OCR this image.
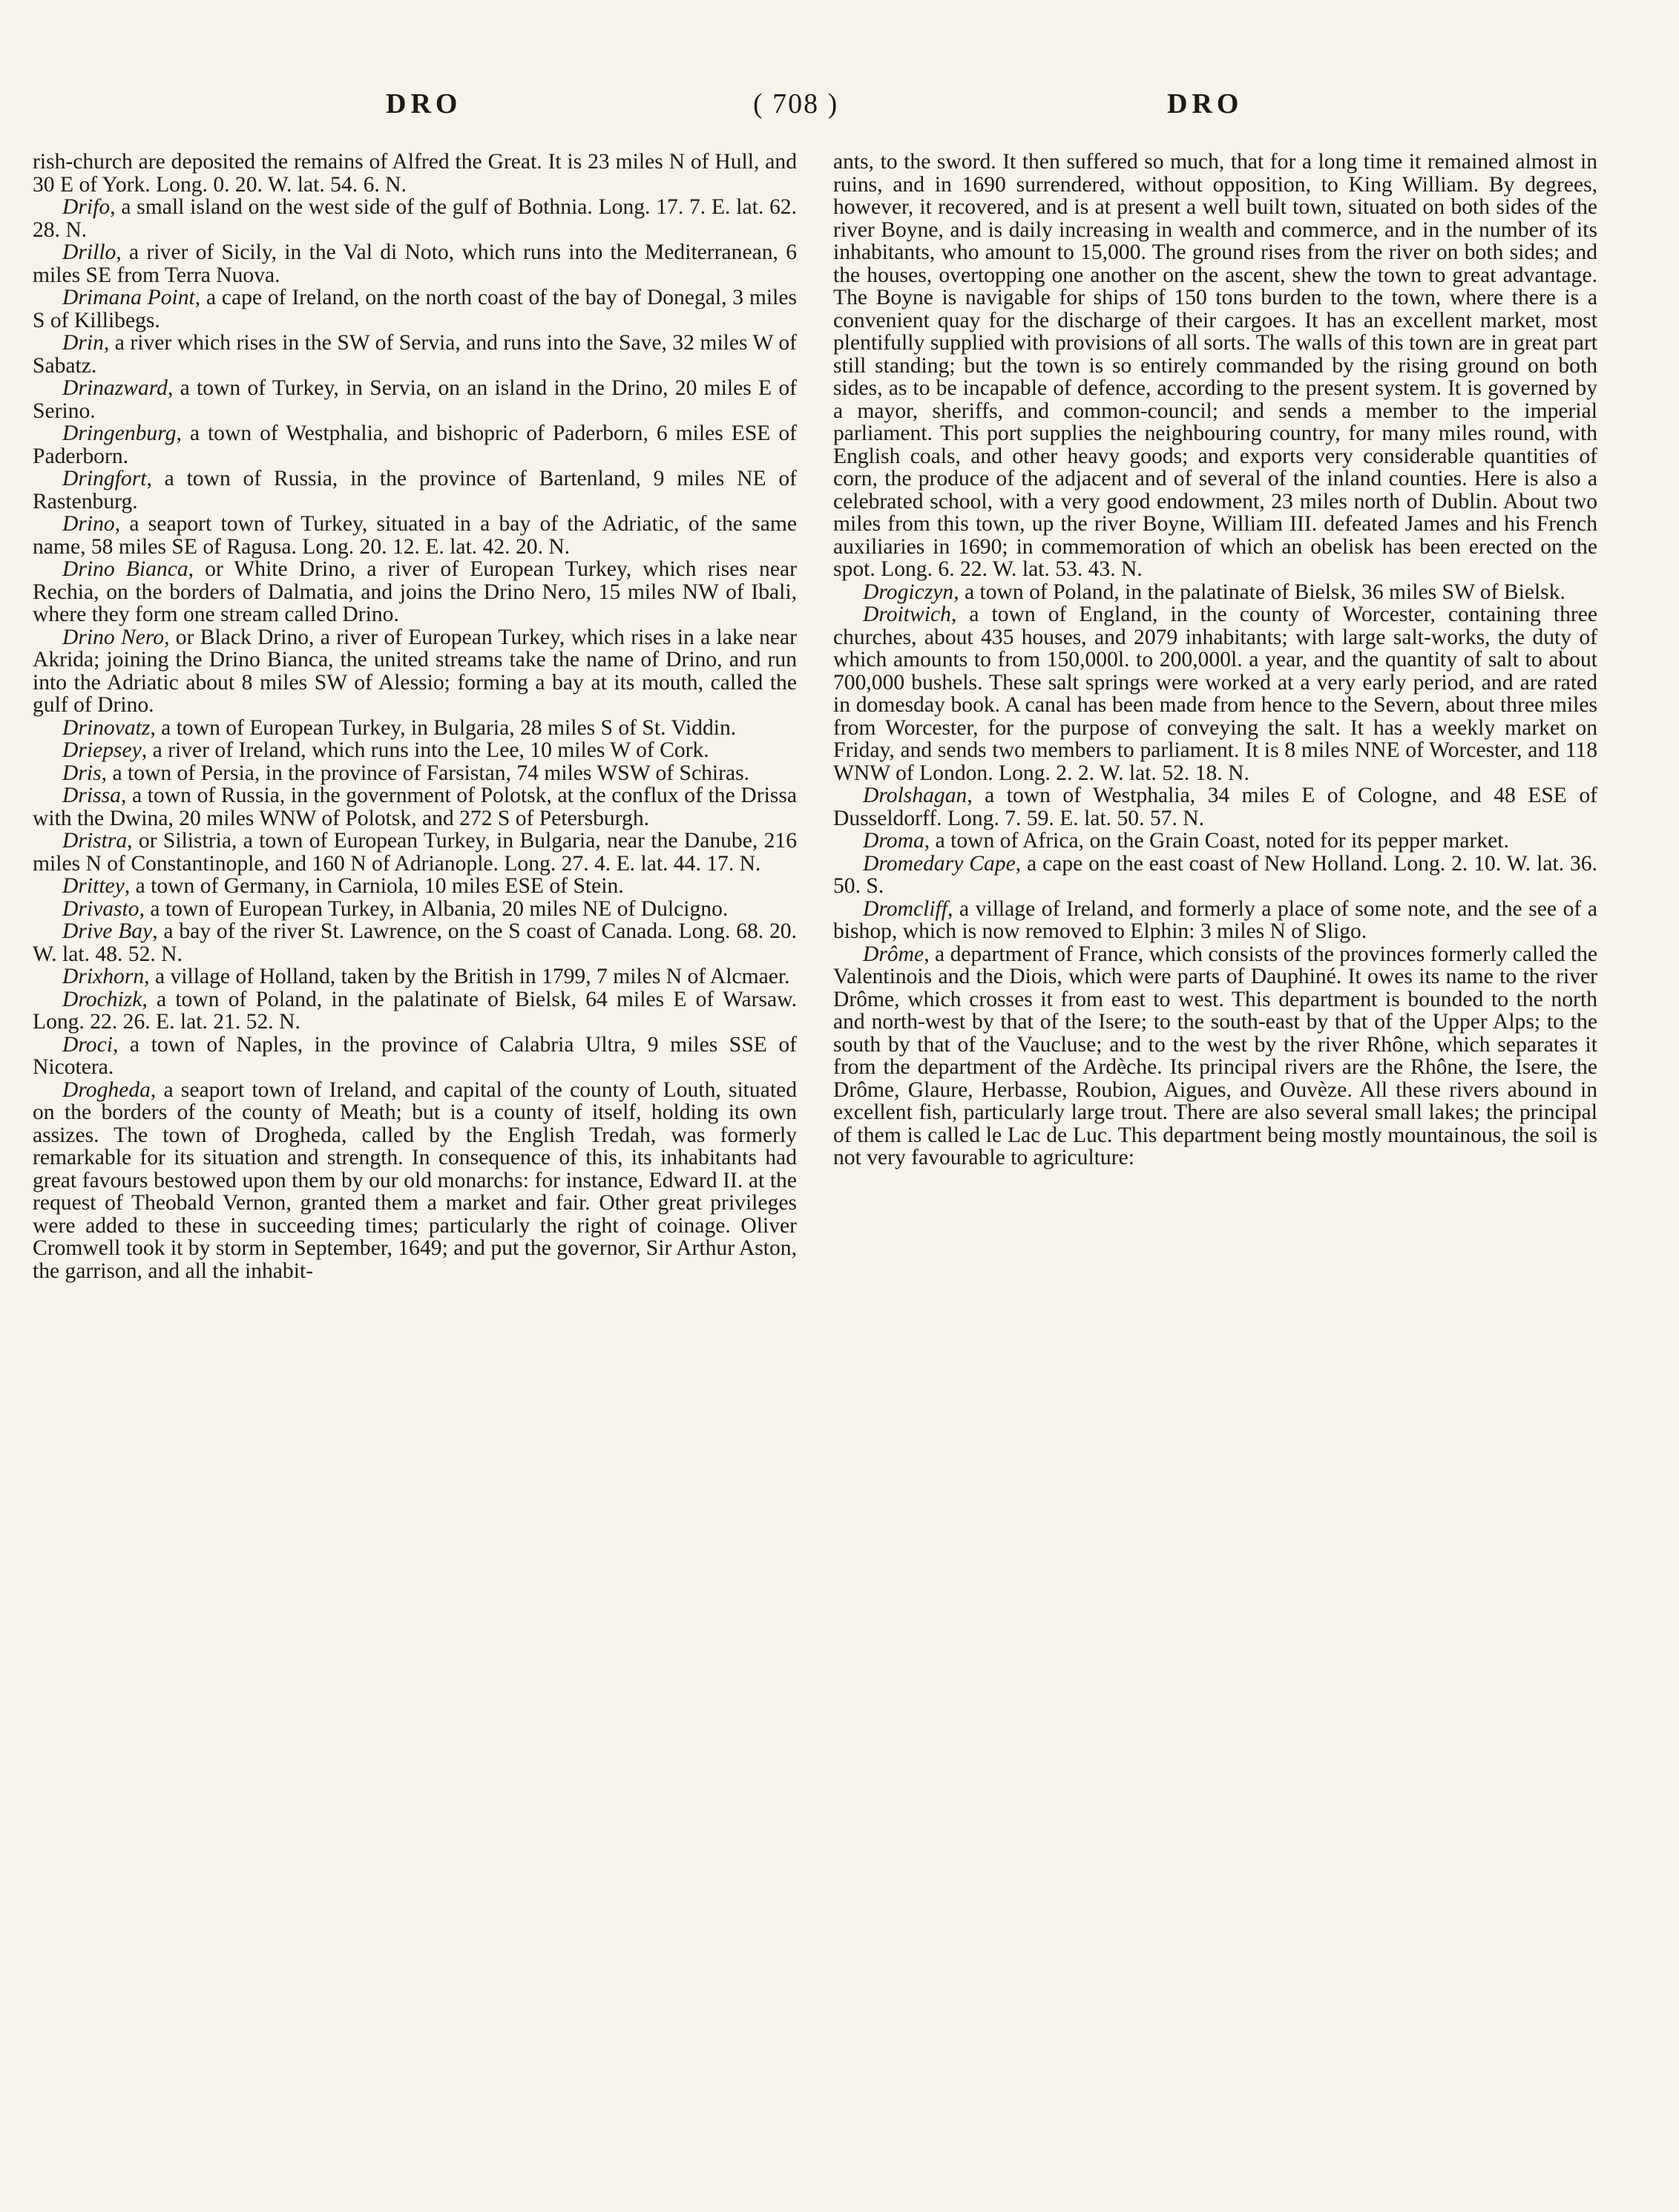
DRO	( 708 )	DRO

rish-church are deposited the remains of Alfred the Great. It is 23 miles N of Hull, and 30 E of York. Long. 0. 20. W. lat. 54. 6. N.

Drifo, a small island on the west side of the gulf of Bothnia. Long. 17. 7. E. lat. 62. 28. N.

Drillo, a river of Sicily, in the Val di Noto, which runs into the Mediterranean, 6 miles SE from Terra Nuova.

Drimana Point, a cape of Ireland, on the north coast of the bay of Donegal, 3 miles S of Killibegs.

Drin, a river which rises in the SW of Servia, and runs into the Save, 32 miles W of Sabatz.

Drinazward, a town of Turkey, in Servia, on an island in the Drino, 20 miles E of Serino.

Dringenburg, a town of Westphalia, and bishopric of Paderborn, 6 miles ESE of Paderborn.

Dringfort, a town of Russia, in the province of Bartenland, 9 miles NE of Rastenburg.

Drino, a seaport town of Turkey, situated in a bay of the Adriatic, of the same name, 58 miles SE of Ragusa. Long. 20. 12. E. lat. 42. 20. N.

Drino Bianca, or White Drino, a river of European Turkey, which rises near Rechia, on the borders of Dalmatia, and joins the Drino Nero, 15 miles NW of Ibali, where they form one stream called Drino.

Drino Nero, or Black Drino, a river of European Turkey, which rises in a lake near Akrida; joining the Drino Bianca, the united streams take the name of Drino, and run into the Adriatic about 8 miles SW of Alessio; forming a bay at its mouth, called the gulf of Drino.

Drinovatz, a town of European Turkey, in Bulgaria, 28 miles S of St. Viddin.

Driepsey, a river of Ireland, which runs into the Lee, 10 miles W of Cork.

Dris, a town of Persia, in the province of Farsistan, 74 miles WSW of Schiras.

Drissa, a town of Russia, in the government of Polotsk, at the conflux of the Drissa with the Dwina, 20 miles WNW of Polotsk, and 272 S of Petersburgh.

Dristra, or Silistria, a town of European Turkey, in Bulgaria, near the Danube, 216 miles N of Constantinople, and 160 N of Adrianople. Long. 27. 4. E. lat. 44. 17. N.

Drittey, a town of Germany, in Carniola, 10 miles ESE of Stein.

Drivasto, a town of European Turkey, in Albania, 20 miles NE of Dulcigno.

Drive Bay, a bay of the river St. Lawrence, on the S coast of Canada. Long. 68. 20. W. lat. 48. 52. N.

Drixhorn, a village of Holland, taken by the British in 1799, 7 miles N of Alcmaer.

Drochizk, a town of Poland, in the palatinate of Bielsk, 64 miles E of Warsaw. Long. 22. 26. E. lat. 21. 52. N.

Droci, a town of Naples, in the province of Calabria Ultra, 9 miles SSE of Nicotera.

Drogheda, a seaport town of Ireland, and capital of the county of Louth, situated on the borders of the county of Meath; but is a county of itself, holding its own assizes. The town of Drogheda, called by the English Tredah, was formerly remarkable for its situation and strength. In consequence of this, its inhabitants had great favours bestowed upon them by our old monarchs: for instance, Edward II. at the request of Theobald Vernon, granted them a market and fair. Other great privileges were added to these in succeeding times; particularly the right of coinage. Oliver Cromwell took it by storm in September, 1649; and put the governor, Sir Arthur Aston, the garrison, and all the inhabit-

ants, to the sword. It then suffered so much, that for a long time it remained almost in ruins, and in 1690 surrendered, without opposition, to King William. By degrees, however, it recovered, and is at present a well built town, situated on both sides of the river Boyne, and is daily increasing in wealth and commerce, and in the number of its inhabitants, who amount to 15,000. The ground rises from the river on both sides; and the houses, overtopping one another on the ascent, shew the town to great advantage. The Boyne is navigable for ships of 150 tons burden to the town, where there is a convenient quay for the discharge of their cargoes. It has an excellent market, most plentifully supplied with provisions of all sorts. The walls of this town are in great part still standing; but the town is so entirely commanded by the rising ground on both sides, as to be incapable of defence, according to the present system. It is governed by a mayor, sheriffs, and common-council; and sends a member to the imperial parliament. This port supplies the neighbouring country, for many miles round, with English coals, and other heavy goods; and exports very considerable quantities of corn, the produce of the adjacent and of several of the inland counties. Here is also a celebrated school, with a very good endowment, 23 miles north of Dublin. About two miles from this town, up the river Boyne, William III. defeated James and his French auxiliaries in 1690; in commemoration of which an obelisk has been erected on the spot. Long. 6. 22. W. lat. 53. 43. N.

Drogiczyn, a town of Poland, in the palatinate of Bielsk, 36 miles SW of Bielsk.

Droitwich, a town of England, in the county of Worcester, containing three churches, about 435 houses, and 2079 inhabitants; with large salt-works, the duty of which amounts to from 150,000l. to 200,000l. a year, and the quantity of salt to about 700,000 bushels. These salt springs were worked at a very early period, and are rated in domesday book. A canal has been made from hence to the Severn, about three miles from Worcester, for the purpose of conveying the salt. It has a weekly market on Friday, and sends two members to parliament. It is 8 miles NNE of Worcester, and 118 WNW of London. Long. 2. 2. W. lat. 52. 18. N.

Drolshagan, a town of Westphalia, 34 miles E of Cologne, and 48 ESE of Dusseldorff. Long. 7. 59. E. lat. 50. 57. N.

Droma, a town of Africa, on the Grain Coast, noted for its pepper market.

Dromedary Cape, a cape on the east coast of New Holland. Long. 2. 10. W. lat. 36. 50. S.

Dromcliff, a village of Ireland, and formerly a place of some note, and the see of a bishop, which is now removed to Elphin: 3 miles N of Sligo.

Drôme, a department of France, which consists of the provinces formerly called the Valentinois and the Diois, which were parts of Dauphiné. It owes its name to the river Drôme, which crosses it from east to west. This department is bounded to the north and north-west by that of the Isere; to the south-east by that of the Upper Alps; to the south by that of the Vaucluse; and to the west by the river Rhône, which separates it from the department of the Ardèche. Its principal rivers are the Rhône, the Isere, the Drôme, Glaure, Herbasse, Roubion, Aigues, and Ouvèze. All these rivers abound in excellent fish, particularly large trout. There are also several small lakes; the principal of them is called le Lac de Luc. This department being mostly mountainous, the soil is not very favourable to agriculture:
